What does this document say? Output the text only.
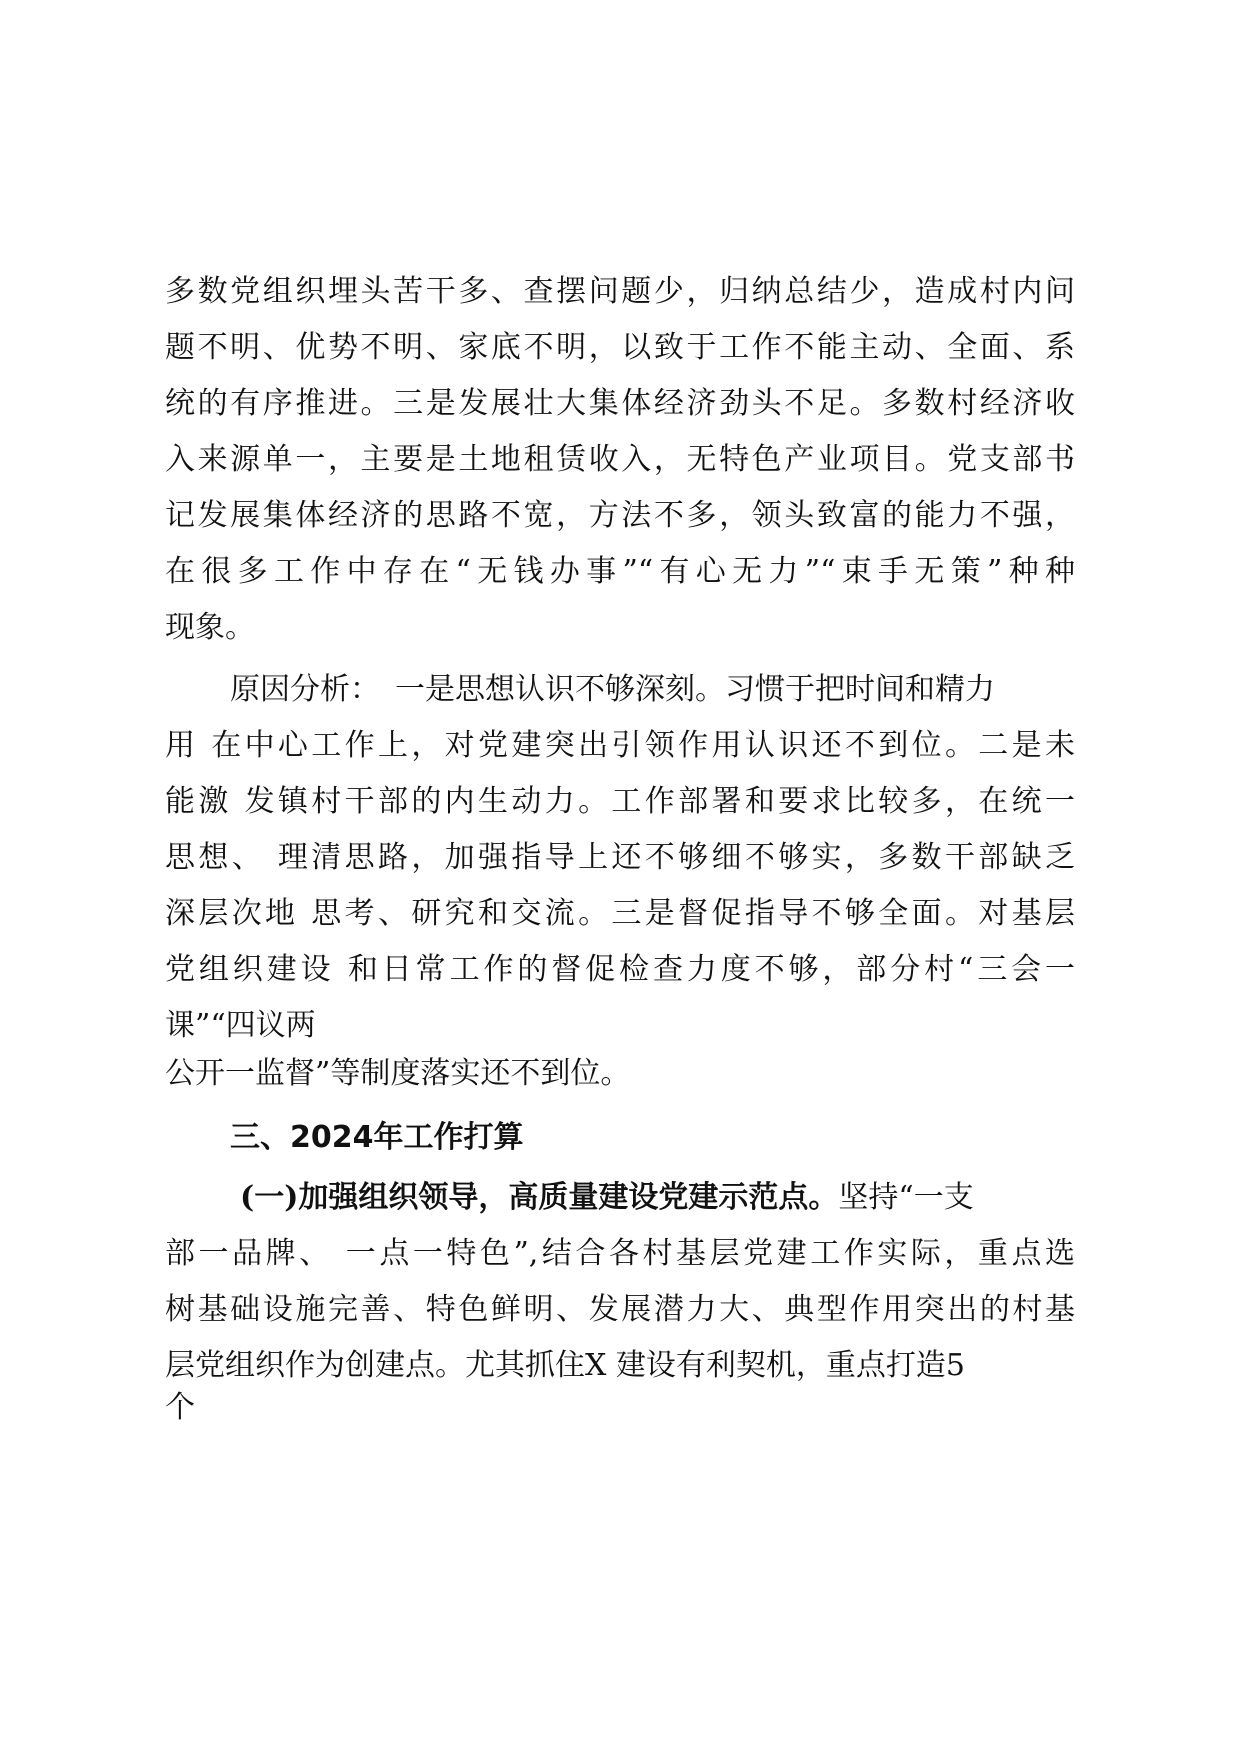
多数党组织埋头苦干多、查摆问题少，归纳总结少，造成村内问
题不明、优势不明、家底不明，以致于工作不能主动、全面、系
统的有序推进。三是发展壮大集体经济劲头不足。多数村经济收
入来源单一，主要是土地租赁收入，无特色产业项目。党支部书
记发展集体经济的思路不宽，方法不多，领头致富的能力不强，
在很多工作中存在“无钱办事”“有心无力”“束手无策”种种
现象。
原因分析：　一是思想认识不够深刻。习惯于把时间和精力
用 在中心工作上，对党建突出引领作用认识还不到位。二是未
能激 发镇村干部的内生动力。工作部署和要求比较多，在统一
思想、 理清思路，加强指导上还不够细不够实，多数干部缺乏
深层次地 思考、研究和交流。三是督促指导不够全面。对基层
党组织建设 和日常工作的督促检查力度不够，部分村“三会一
课”“四议两
公开一监督”等制度落实还不到位。
三、2024年工作打算
(一)加强组织领导，高质量建设党建示范点。坚持“一支
部一品牌、 一点一特色”,结合各村基层党建工作实际，重点选
树基础设施完善、特色鲜明、发展潜力大、典型作用突出的村基
层党组织作为创建点。尤其抓住X 建设有利契机，重点打造5
个
